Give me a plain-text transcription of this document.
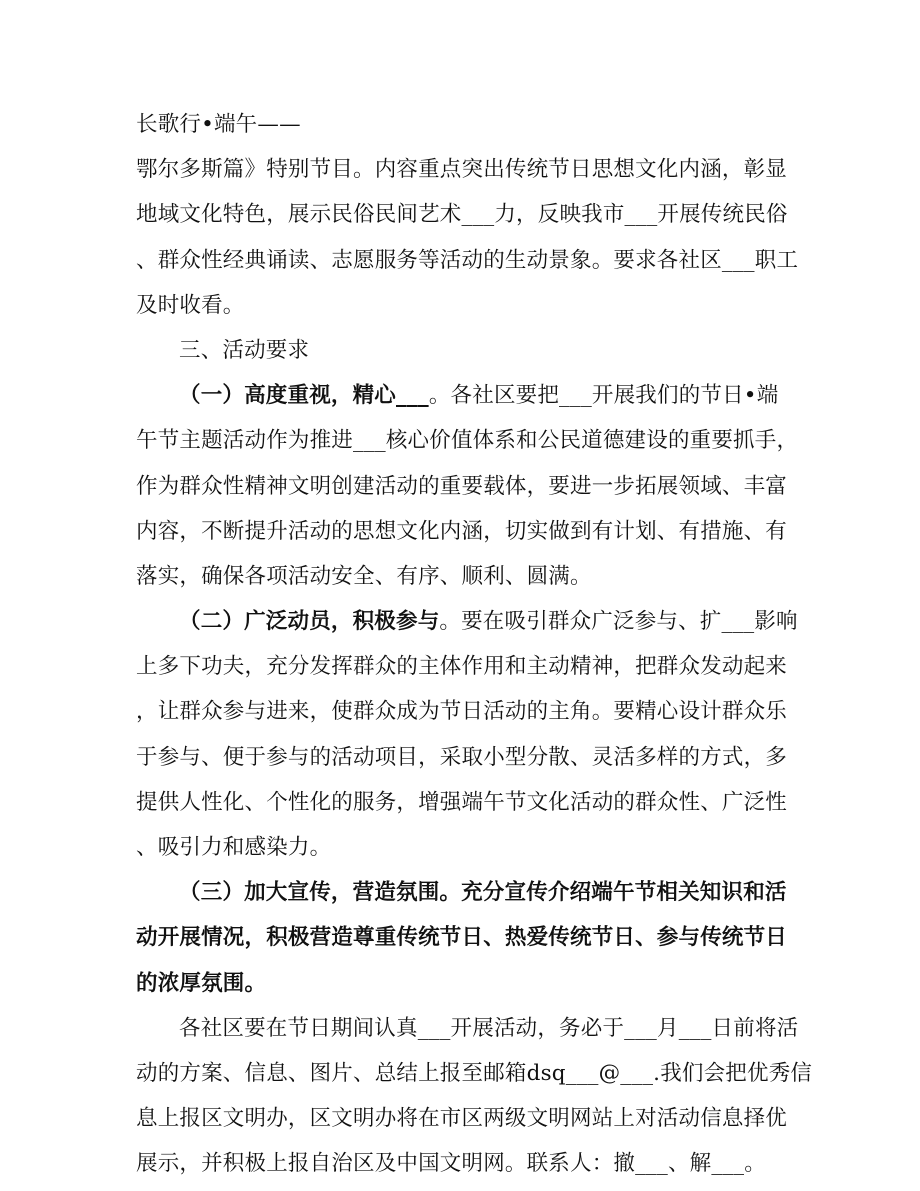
长歌行•端午——
鄂尔多斯篇》特别节目。内容重点突出传统节日思想文化内涵，彰显
地域文化特色，展示民俗民间艺术___力，反映我市___开展传统民俗
、群众性经典诵读、志愿服务等活动的生动景象。要求各社区___职工
及时收看。
三、活动要求
（一）高度重视，精心___。各社区要把___开展我们的节日•端
午节主题活动作为推进___核心价值体系和公民道德建设的重要抓手，
作为群众性精神文明创建活动的重要载体，要进一步拓展领域、丰富
内容，不断提升活动的思想文化内涵，切实做到有计划、有措施、有
落实，确保各项活动安全、有序、顺利、圆满。
（二）广泛动员，积极参与。要在吸引群众广泛参与、扩___影响
上多下功夫，充分发挥群众的主体作用和主动精神，把群众发动起来
，让群众参与进来，使群众成为节日活动的主角。要精心设计群众乐
于参与、便于参与的活动项目，采取小型分散、灵活多样的方式，多
提供人性化、个性化的服务，增强端午节文化活动的群众性、广泛性
、吸引力和感染力。
（三）加大宣传，营造氛围。充分宣传介绍端午节相关知识和活
动开展情况，积极营造尊重传统节日、热爱传统节日、参与传统节日
的浓厚氛围。
各社区要在节日期间认真___开展活动，务必于___月___日前将活
动的方案、信息、图片、总结上报至邮箱dsq___@___.我们会把优秀信
息上报区文明办，区文明办将在市区两级文明网站上对活动信息择优
展示，并积极上报自治区及中国文明网。联系人：撤___、解___。
